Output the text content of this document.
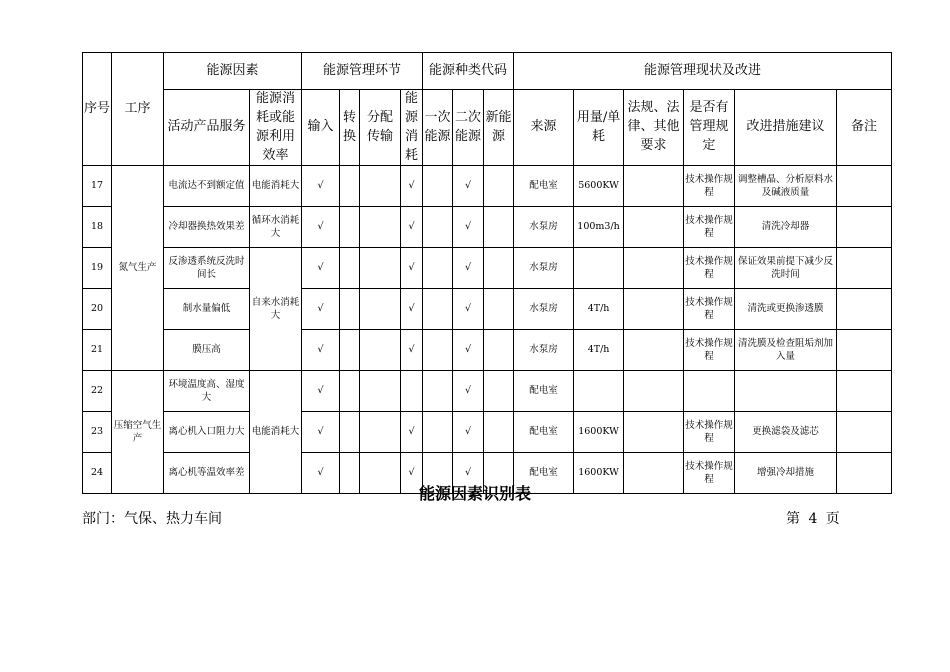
序号	工序	能源因素		能源管理环节				能源种类代码			能源管理现状及改进					
		活动产品服务	能源消耗或能源利用效率	输入	转换	分配传输	能源消耗	一次能源	二次能源	新能源	来源	用量/单耗	法规、法律、其他要求	是否有管理规定	改进措施建议	备注
17	氮气生产	电流达不到额定值	电能消耗大	√			√		√		配电室	5600KW		技术操作规程	调整槽晶、分析原料水及碱液质量	
18		冷却器换热效果差	循环水消耗大	√			√		√		水泵房	100m3/h		技术操作规程	清洗冷却器	
19		反渗透系统反洗时间长	自来水消耗大	√			√		√		水泵房			技术操作规程	保证效果前提下减少反洗时间	
20		制水量偏低		√			√		√		水泵房	4T/h		技术操作规程	清洗或更换渗透膜	
21		膜压高		√			√		√		水泵房	4T/h		技术操作规程	清洗膜及检查阻垢剂加入量	
22	压缩空气生产	环境温度高、湿度大	电能消耗大	√					√		配电室					
23		离心机入口阻力大		√			√		√		配电室	1600KW		技术操作规程	更换滤袋及滤芯	
24		离心机等温效率差		√			√		√		配电室	1600KW		技术操作规程	增强冷却措施	
能源因素识别表
部门：气保、热力车间	第 4 页
